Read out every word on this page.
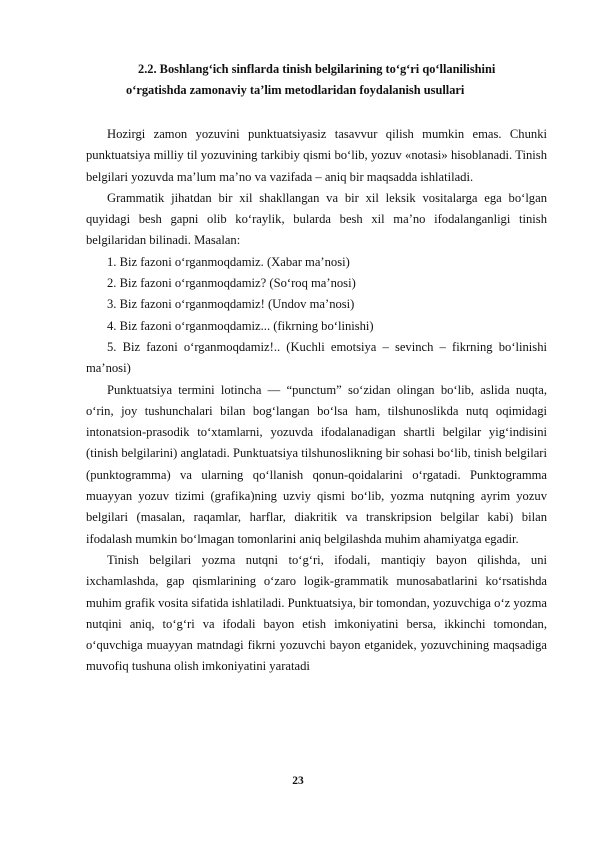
2.2. Boshlang‘ich sinflarda tinish belgilarining to‘g‘ri qo‘llanilishini
o‘rgatishda zamonaviy ta’lim metodlaridan foydalanish usullari

Hozirgi zamon yozuvini punktuatsiyasiz tasavvur qilish mumkin emas. Chunki punktuatsiya milliy til yozuvining tarkibiy qismi bo‘lib, yozuv «notasi» hisoblanadi. Tinish belgilari yozuvda ma’lum ma’no va vazifada – aniq bir maqsadda ishlatiladi.

Grammatik jihatdan bir xil shakllangan va bir xil leksik vositalarga ega bo‘lgan quyidagi besh gapni olib ko‘raylik, bularda besh xil ma’no ifodalanganligi tinish belgilaridan bilinadi. Masalan:

1. Biz fazoni o‘rganmoqdamiz. (Xabar ma’nosi)

2. Biz fazoni o‘rganmoqdamiz? (So‘roq ma’nosi)

3. Biz fazoni o‘rganmoqdamiz! (Undov ma’nosi)

4. Biz fazoni o‘rganmoqdamiz... (fikrning bo‘linishi)

5. Biz fazoni o‘rganmoqdamiz!.. (Kuchli emotsiya – sevinch – fikrning bo‘linishi ma’nosi)

Punktuatsiya termini lotincha ― “punctum” so‘zidan olingan bo‘lib, aslida nuqta, o‘rin, joy tushunchalari bilan bog‘langan bo‘lsa ham, tilshunoslikda nutq oqimidagi intonatsion-prasodik to‘xtamlarni, yozuvda ifodalanadigan shartli belgilar yig‘indisini (tinish belgilarini) anglatadi. Punktuatsiya tilshunoslikning bir sohasi bo‘lib, tinish belgilari (punktogramma) va ularning qo‘llanish qonun-qoidalarini o‘rgatadi. Punktogramma muayyan yozuv tizimi (grafika)ning uzviy qismi bo‘lib, yozma nutqning ayrim yozuv belgilari (masalan, raqamlar, harflar, diakritik va transkripsion belgilar kabi) bilan ifodalash mumkin bo‘lmagan tomonlarini aniq belgilashda muhim ahamiyatga egadir.

Tinish belgilari yozma nutqni to‘g‘ri, ifodali, mantiqiy bayon qilishda, uni ixchamlashda, gap qismlarining o‘zaro logik-grammatik munosabatlarini ko‘rsatishda muhim grafik vosita sifatida ishlatiladi. Punktuatsiya, bir tomondan, yozuvchiga o‘z yozma nutqini aniq, to‘g‘ri va ifodali bayon etish imkoniyatini bersa, ikkinchi tomondan, o‘quvchiga muayyan matndagi fikrni yozuvchi bayon etganidek, yozuvchining maqsadiga muvofiq tushuna olish imkoniyatini yaratadi

23
